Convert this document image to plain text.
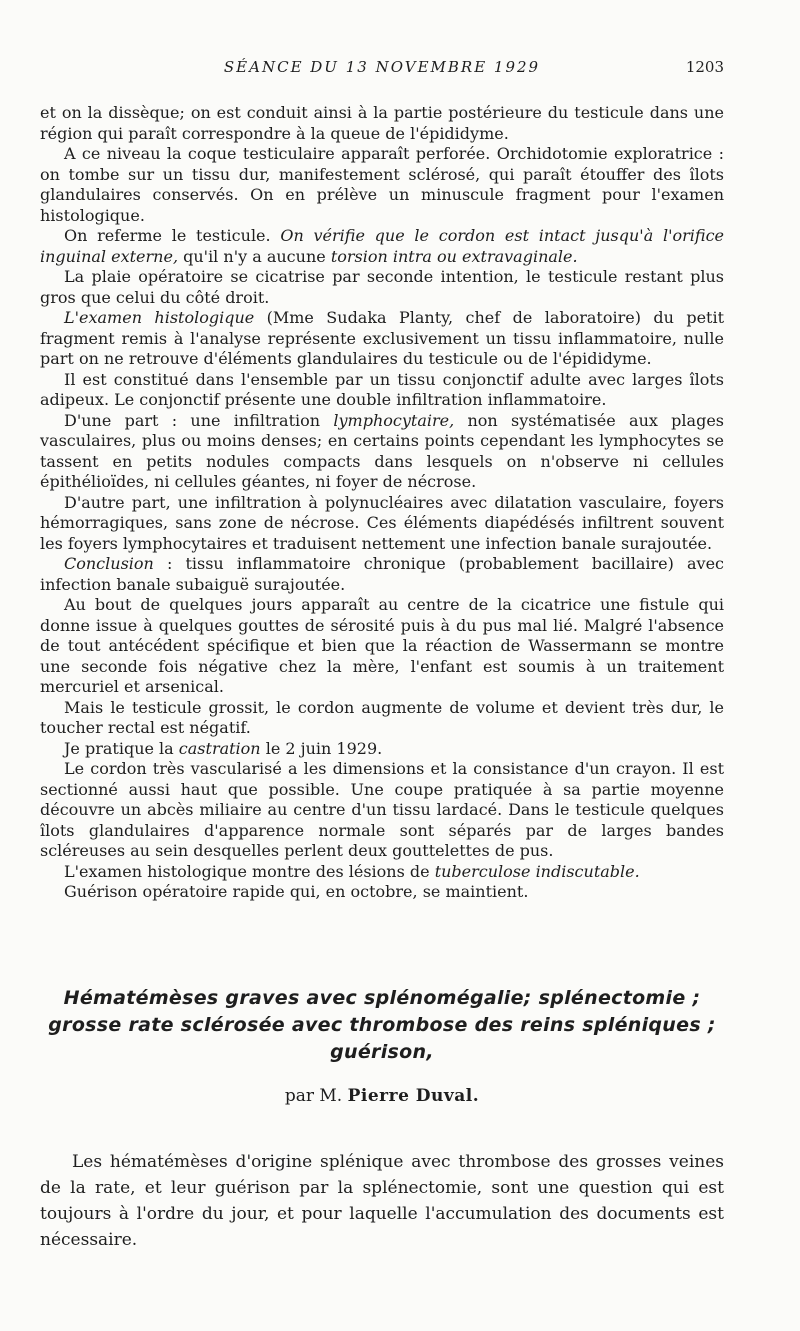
SÉANCE DU 13 NOVEMBRE 1929	1203

et on la dissèque; on est conduit ainsi à la partie postérieure du testicule dans une région qui paraît correspondre à la queue de l'épididyme.

A ce niveau la coque testiculaire apparaît perforée. Orchidotomie exploratrice : on tombe sur un tissu dur, manifestement sclérosé, qui paraît étouffer des îlots glandulaires conservés. On en prélève un minuscule fragment pour l'examen histologique.

On referme le testicule. On vérifie que le cordon est intact jusqu'à l'orifice inguinal externe, qu'il n'y a aucune torsion intra ou extravaginale.

La plaie opératoire se cicatrise par seconde intention, le testicule restant plus gros que celui du côté droit.

L'examen histologique (Mme Sudaka Planty, chef de laboratoire) du petit fragment remis à l'analyse représente exclusivement un tissu inflammatoire, nulle part on ne retrouve d'éléments glandulaires du testicule ou de l'épididyme.

Il est constitué dans l'ensemble par un tissu conjonctif adulte avec larges îlots adipeux. Le conjonctif présente une double infiltration inflammatoire.

D'une part : une infiltration lymphocytaire, non systématisée aux plages vasculaires, plus ou moins denses; en certains points cependant les lymphocytes se tassent en petits nodules compacts dans lesquels on n'observe ni cellules épithélioïdes, ni cellules géantes, ni foyer de nécrose.

D'autre part, une infiltration à polynucléaires avec dilatation vasculaire, foyers hémorragiques, sans zone de nécrose. Ces éléments diapédésés infiltrent souvent les foyers lymphocytaires et traduisent nettement une infection banale surajoutée.

Conclusion : tissu inflammatoire chronique (probablement bacillaire) avec infection banale subaiguë surajoutée.

Au bout de quelques jours apparaît au centre de la cicatrice une fistule qui donne issue à quelques gouttes de sérosité puis à du pus mal lié. Malgré l'absence de tout antécédent spécifique et bien que la réaction de Wassermann se montre une seconde fois négative chez la mère, l'enfant est soumis à un traitement mercuriel et arsenical.

Mais le testicule grossit, le cordon augmente de volume et devient très dur, le toucher rectal est négatif.

Je pratique la castration le 2 juin 1929.

Le cordon très vascularisé a les dimensions et la consistance d'un crayon. Il est sectionné aussi haut que possible. Une coupe pratiquée à sa partie moyenne découvre un abcès miliaire au centre d'un tissu lardacé. Dans le testicule quelques îlots glandulaires d'apparence normale sont séparés par de larges bandes scléreuses au sein desquelles perlent deux gouttelettes de pus.

L'examen histologique montre des lésions de tuberculose indiscutable.

Guérison opératoire rapide qui, en octobre, se maintient.

Hématémèses graves avec splénomégalie; splénectomie ;
grosse rate sclérosée avec thrombose des reins spléniques ;
guérison,
par M. Pierre Duval.

Les hématémèses d'origine splénique avec thrombose des grosses veines de la rate, et leur guérison par la splénectomie, sont une question qui est toujours à l'ordre du jour, et pour laquelle l'accumulation des documents est nécessaire.
